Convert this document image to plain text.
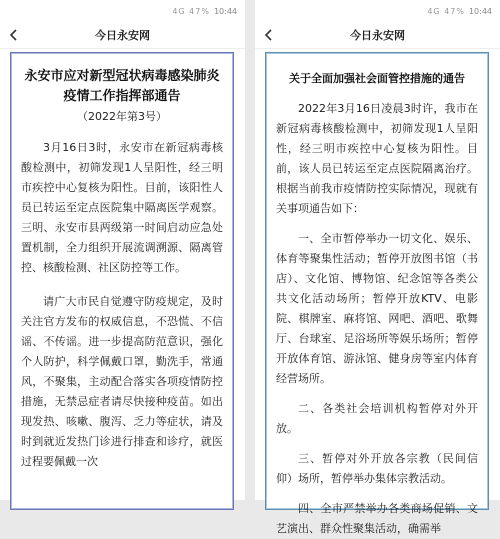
4G 47% 10:44
今日永安网
永安市应对新型冠状病毒感染肺炎
疫情工作指挥部通告
（2022年第3号）

3月16日3时，永安市在新冠病毒核酸检测中，初筛发现1人呈阳性，经三明市疾控中心复核为阳性。目前，该阳性人员已转运至定点医院集中隔离医学观察。三明、永安市县两级第一时间启动应急处置机制，全力组织开展流调溯源、隔离管控、核酸检测、社区防控等工作。

请广大市民自觉遵守防疫规定，及时关注官方发布的权威信息，不恐慌、不信谣、不传谣。进一步提高防范意识，强化个人防护，科学佩戴口罩，勤洗手，常通风，不聚集，主动配合落实各项疫情防控措施，无禁忌症者请尽快接种疫苗。如出现发热、咳嗽、腹泻、乏力等症状，请及时到就近发热门诊进行排查和诊疗，就医过程要佩戴一次

4G 47% 10:44
今日永安网
关于全面加强社会面管控措施的通告

2022年3月16日凌晨3时许，我市在新冠病毒核酸检测中，初筛发现1人呈阳性，经三明市疾控中心复核为阳性。目前，该人员已转运至定点医院隔离治疗。根据当前我市疫情防控实际情况，现就有关事项通告如下：

一、全市暂停举办一切文化、娱乐、体育等聚集性活动；暂停开放图书馆（书店）、文化馆、博物馆、纪念馆等各类公共文化活动场所；暂停开放KTV、电影院、棋牌室、麻将馆、网吧、酒吧、歌舞厅、台球室、足浴场所等娱乐场所；暂停开放体育馆、游泳馆、健身房等室内体育经营场所。

二、各类社会培训机构暂停对外开放。

三、暂停对外开放各宗教（民间信仰）场所，暂停举办集体宗教活动。

四、全市严禁举办各类商场促销、文艺演出、群众性聚集活动，确需举
